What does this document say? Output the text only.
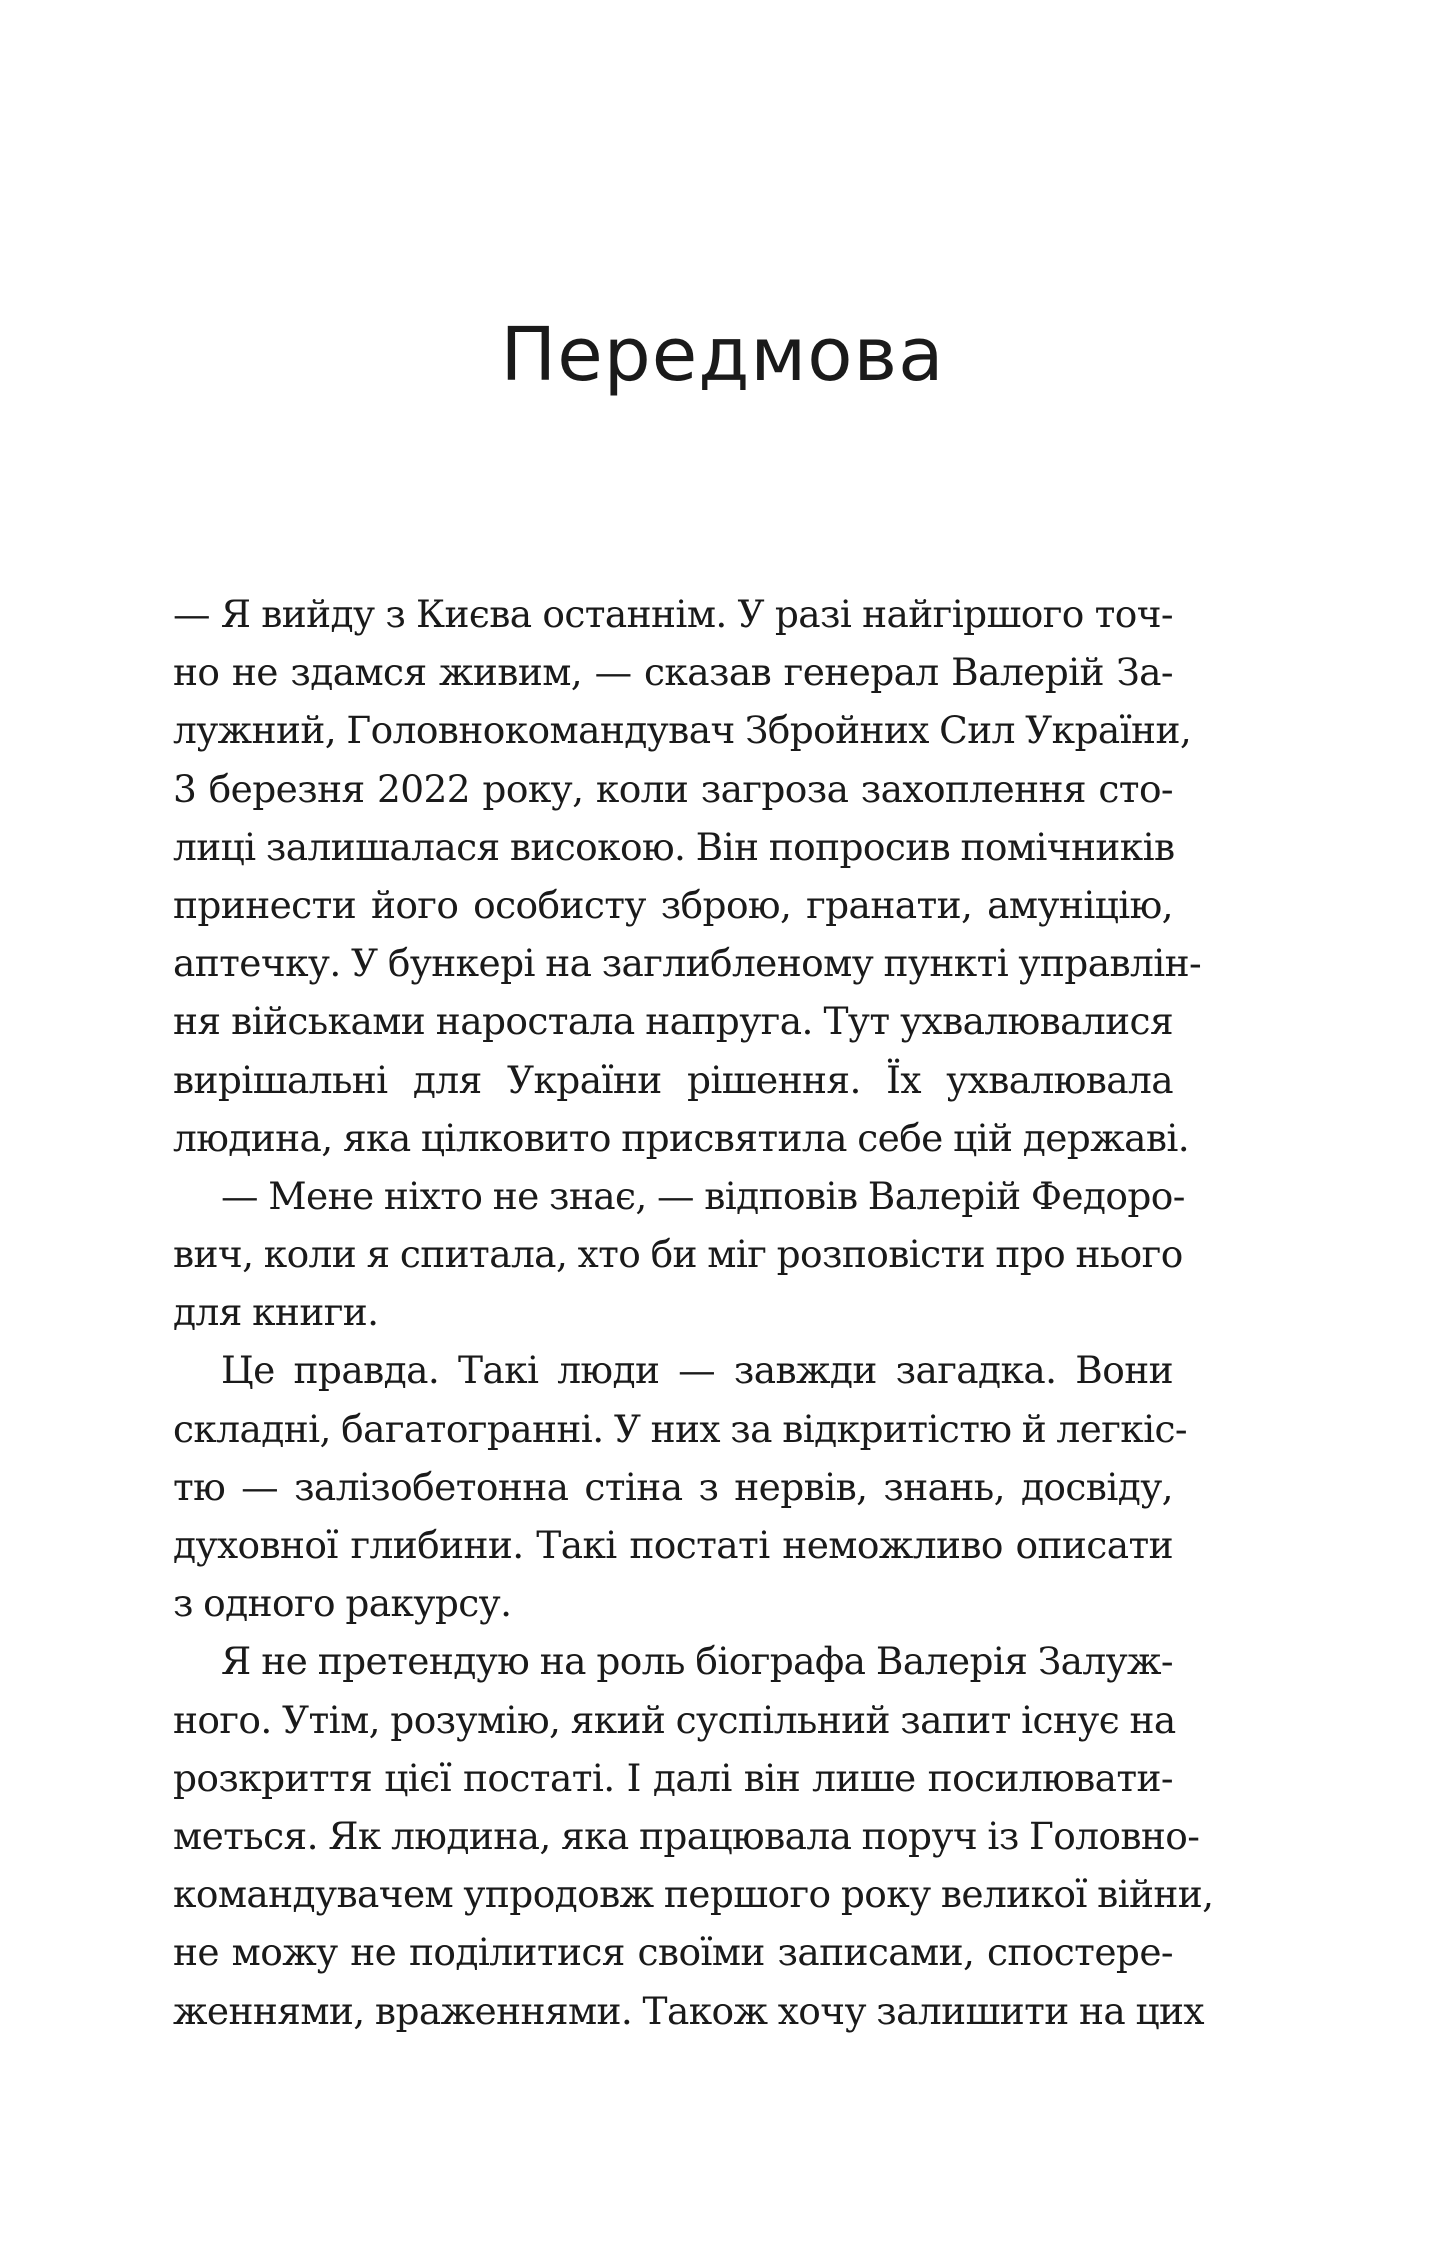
Передмова
— Я вийду з Києва останнім. У разі найгіршого точ-
но не здамся живим, — сказав генерал Валерій За-
лужний, Головнокомандувач Збройних Сил України,
3 березня 2022 року, коли загроза захоплення сто-
лиці залишалася високою. Він попросив помічників
принести його особисту зброю, гранати, амуніцію,
аптечку. У бункері на заглибленому пункті управлін-
ня військами наростала напруга. Тут ухвалювалися
вирішальні для України рішення. Їх ухвалювала
людина, яка цілковито присвятила себе цій державі.
— Мене ніхто не знає, — відповів Валерій Федоро-
вич, коли я спитала, хто би міг розповісти про нього
для книги.
Це правда. Такі люди — завжди загадка. Вони
складні, багатогранні. У них за відкритістю й легкіс-
тю — залізобетонна стіна з нервів, знань, досвіду,
духовної глибини. Такі постаті неможливо описати
з одного ракурсу.
Я не претендую на роль біографа Валерія Залуж-
ного. Утім, розумію, який суспільний запит існує на
розкриття цієї постаті. І далі він лише посилювати-
меться. Як людина, яка працювала поруч із Головно-
командувачем упродовж першого року великої війни,
не можу не поділитися своїми записами, спостере-
женнями, враженнями. Також хочу залишити на цих
